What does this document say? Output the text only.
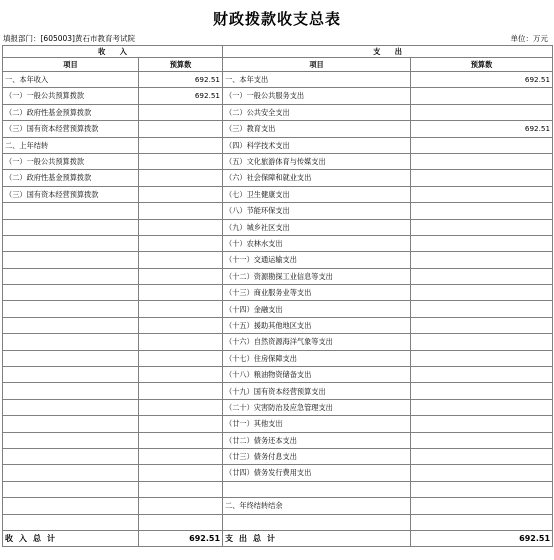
财政拨款收支总表
填报部门：[605003]黄石市教育考试院	单位：万元
收　　入		支　　出	
项目	预算数	项目	预算数
一、本年收入	692.51	一、本年支出	692.51
（一）一般公共预算拨款	692.51	（一）一般公共服务支出	
（二）政府性基金预算拨款		（二）公共安全支出	
（三）国有资本经营预算拨款		（三）教育支出	692.51
二、上年结转		（四）科学技术支出	
（一）一般公共预算拨款		（五）文化旅游体育与传媒支出	
（二）政府性基金预算拨款		（六）社会保障和就业支出	
（三）国有资本经营预算拨款		（七）卫生健康支出	
		（八）节能环保支出	
		（九）城乡社区支出	
		（十）农林水支出	
		（十一）交通运输支出	
		（十二）资源勘探工业信息等支出	
		（十三）商业服务业等支出	
		（十四）金融支出	
		（十五）援助其他地区支出	
		（十六）自然资源海洋气象等支出	
		（十七）住房保障支出	
		（十八）粮油物资储备支出	
		（十九）国有资本经营预算支出	
		（二十）灾害防治及应急管理支出	
		（廿一）其他支出	
		（廿二）债务还本支出	
		（廿三）债务付息支出	
		（廿四）债务发行费用支出	

		二、年终结转结余	

收入总计	692.51	支出总计	692.51
